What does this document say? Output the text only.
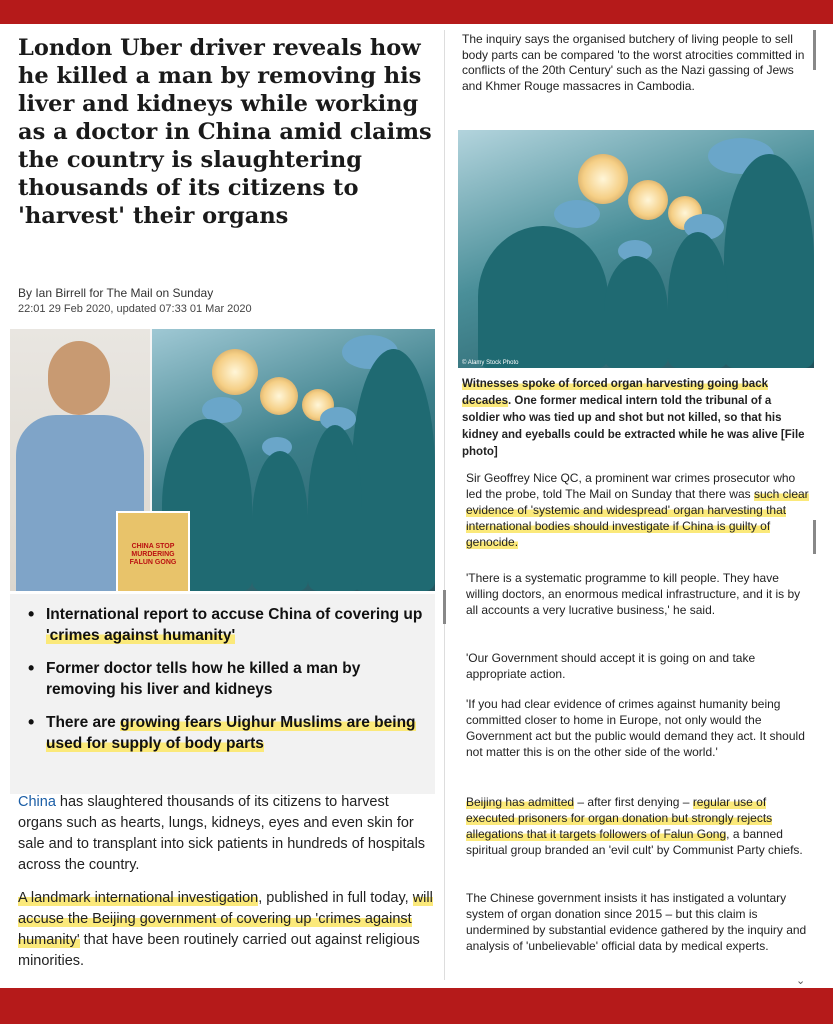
London Uber driver reveals how he killed a man by removing his liver and kidneys while working as a doctor in China amid claims the country is slaughtering thousands of its citizens to 'harvest' their organs
By Ian Birrell for The Mail on Sunday
22:01 29 Feb 2020, updated 07:33 01 Mar 2020
CHINA STOP MURDERING FALUN GONG
• International report to accuse China of covering up 'crimes against humanity'
• Former doctor tells how he killed a man by removing his liver and kidneys
• There are growing fears Uighur Muslims are being used for supply of body parts

China has slaughtered thousands of its citizens to harvest organs such as hearts, lungs, kidneys, eyes and even skin for sale and to transplant into sick patients in hundreds of hospitals across the country.

A landmark international investigation, published in full today, will accuse the Beijing government of covering up 'crimes against humanity' that have been routinely carried out against religious minorities.

The inquiry says the organised butchery of living people to sell body parts can be compared 'to the worst atrocities committed in conflicts of the 20th Century' such as the Nazi gassing of Jews and Khmer Rouge massacres in Cambodia.
© Alamy Stock Photo
Witnesses spoke of forced organ harvesting going back decades. One former medical intern told the tribunal of a soldier who was tied up and shot but not killed, so that his kidney and eyeballs could be extracted while he was alive [File photo]

Sir Geoffrey Nice QC, a prominent war crimes prosecutor who led the probe, told The Mail on Sunday that there was such clear evidence of 'systemic and widespread' organ harvesting that international bodies should investigate if China is guilty of genocide.

'There is a systematic programme to kill people. They have willing doctors, an enormous medical infrastructure, and it is by all accounts a very lucrative business,' he said.

'Our Government should accept it is going on and take appropriate action.

'If you had clear evidence of crimes against humanity being committed closer to home in Europe, not only would the Government act but the public would demand they act. It should not matter this is on the other side of the world.'

Beijing has admitted – after first denying – regular use of executed prisoners for organ donation but strongly rejects allegations that it targets followers of Falun Gong, a banned spiritual group branded an 'evil cult' by Communist Party chiefs.

The Chinese government insists it has instigated a voluntary system of organ donation since 2015 – but this claim is undermined by substantial evidence gathered by the inquiry and analysis of 'unbelievable' official data by medical experts.

⌄
